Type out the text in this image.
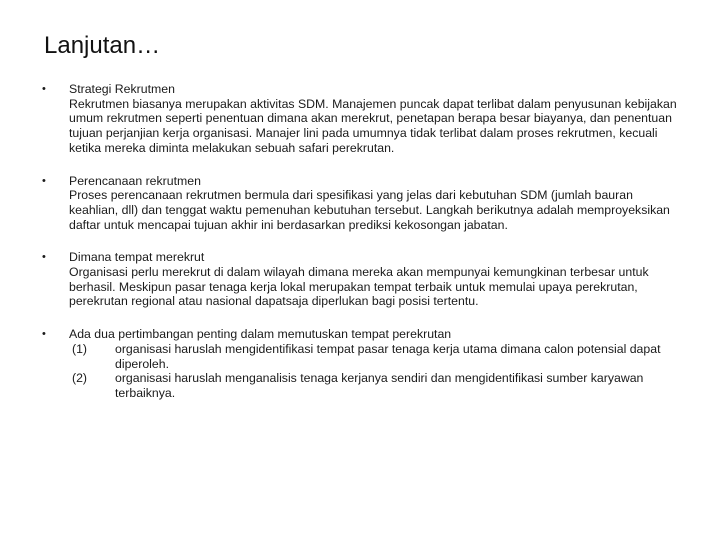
Lanjutan…
• Strategi Rekrutmen
Rekrutmen biasanya merupakan aktivitas SDM. Manajemen puncak dapat terlibat dalam penyusunan kebijakan umum rekrutmen seperti penentuan dimana akan merekrut, penetapan berapa besar biayanya, dan penentuan tujuan perjanjian kerja organisasi. Manajer lini pada umumnya tidak terlibat dalam proses rekrutmen, kecuali ketika mereka diminta melakukan sebuah safari perekrutan.
• Perencanaan rekrutmen
Proses perencanaan rekrutmen bermula dari spesifikasi yang jelas dari kebutuhan SDM (jumlah bauran keahlian, dll) dan tenggat waktu pemenuhan kebutuhan tersebut. Langkah berikutnya adalah memproyeksikan daftar untuk mencapai tujuan akhir ini berdasarkan prediksi kekosongan jabatan.
• Dimana tempat merekrut
Organisasi perlu merekrut di dalam wilayah dimana mereka akan mempunyai kemungkinan terbesar untuk berhasil. Meskipun pasar tenaga kerja lokal merupakan tempat terbaik untuk memulai upaya perekrutan, perekrutan regional atau nasional dapatsaja diperlukan bagi posisi tertentu.
• Ada dua pertimbangan penting dalam memutuskan tempat perekrutan
(1) organisasi haruslah mengidentifikasi tempat pasar tenaga kerja utama dimana calon potensial dapat diperoleh.
(2) organisasi haruslah menganalisis tenaga kerjanya sendiri dan mengidentifikasi sumber karyawan terbaiknya.
